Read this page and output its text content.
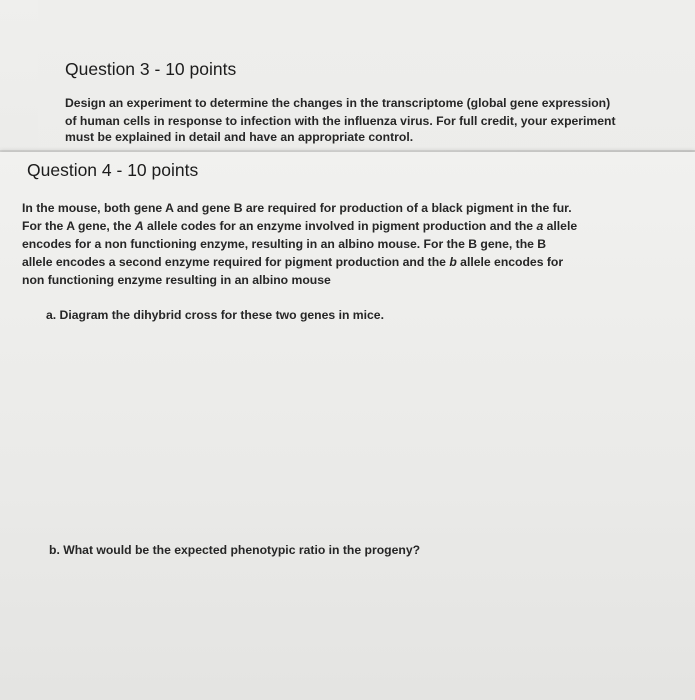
Question 3 - 10 points
Design an experiment to determine the changes in the transcriptome (global gene expression)
of human cells in response to infection with the influenza virus. For full credit, your experiment
must be explained in detail and have an appropriate control.
Question 4 - 10 points
In the mouse, both gene A and gene B are required for production of a black pigment in the fur.
For the A gene, the A allele codes for an enzyme involved in pigment production and the a allele
encodes for a non functioning enzyme, resulting in an albino mouse. For the B gene, the B
allele encodes a second enzyme required for pigment production and the b allele encodes for
non functioning enzyme resulting in an albino mouse
a. Diagram the dihybrid cross for these two genes in mice.
b. What would be the expected phenotypic ratio in the progeny?
